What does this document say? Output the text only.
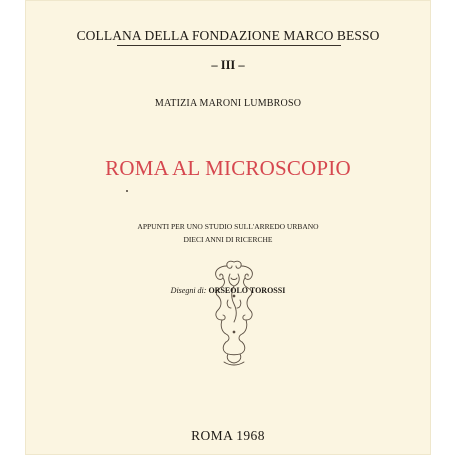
COLLANA DELLA FONDAZIONE MARCO BESSO
– III –
MATIZIA MARONI LUMBROSO
ROMA AL MICROSCOPIO
APPUNTI PER UNO STUDIO SULL'ARREDO URBANO
DIECI ANNI DI RICERCHE
Disegni di: ORSEOLO TOROSSI
ROMA 1968
